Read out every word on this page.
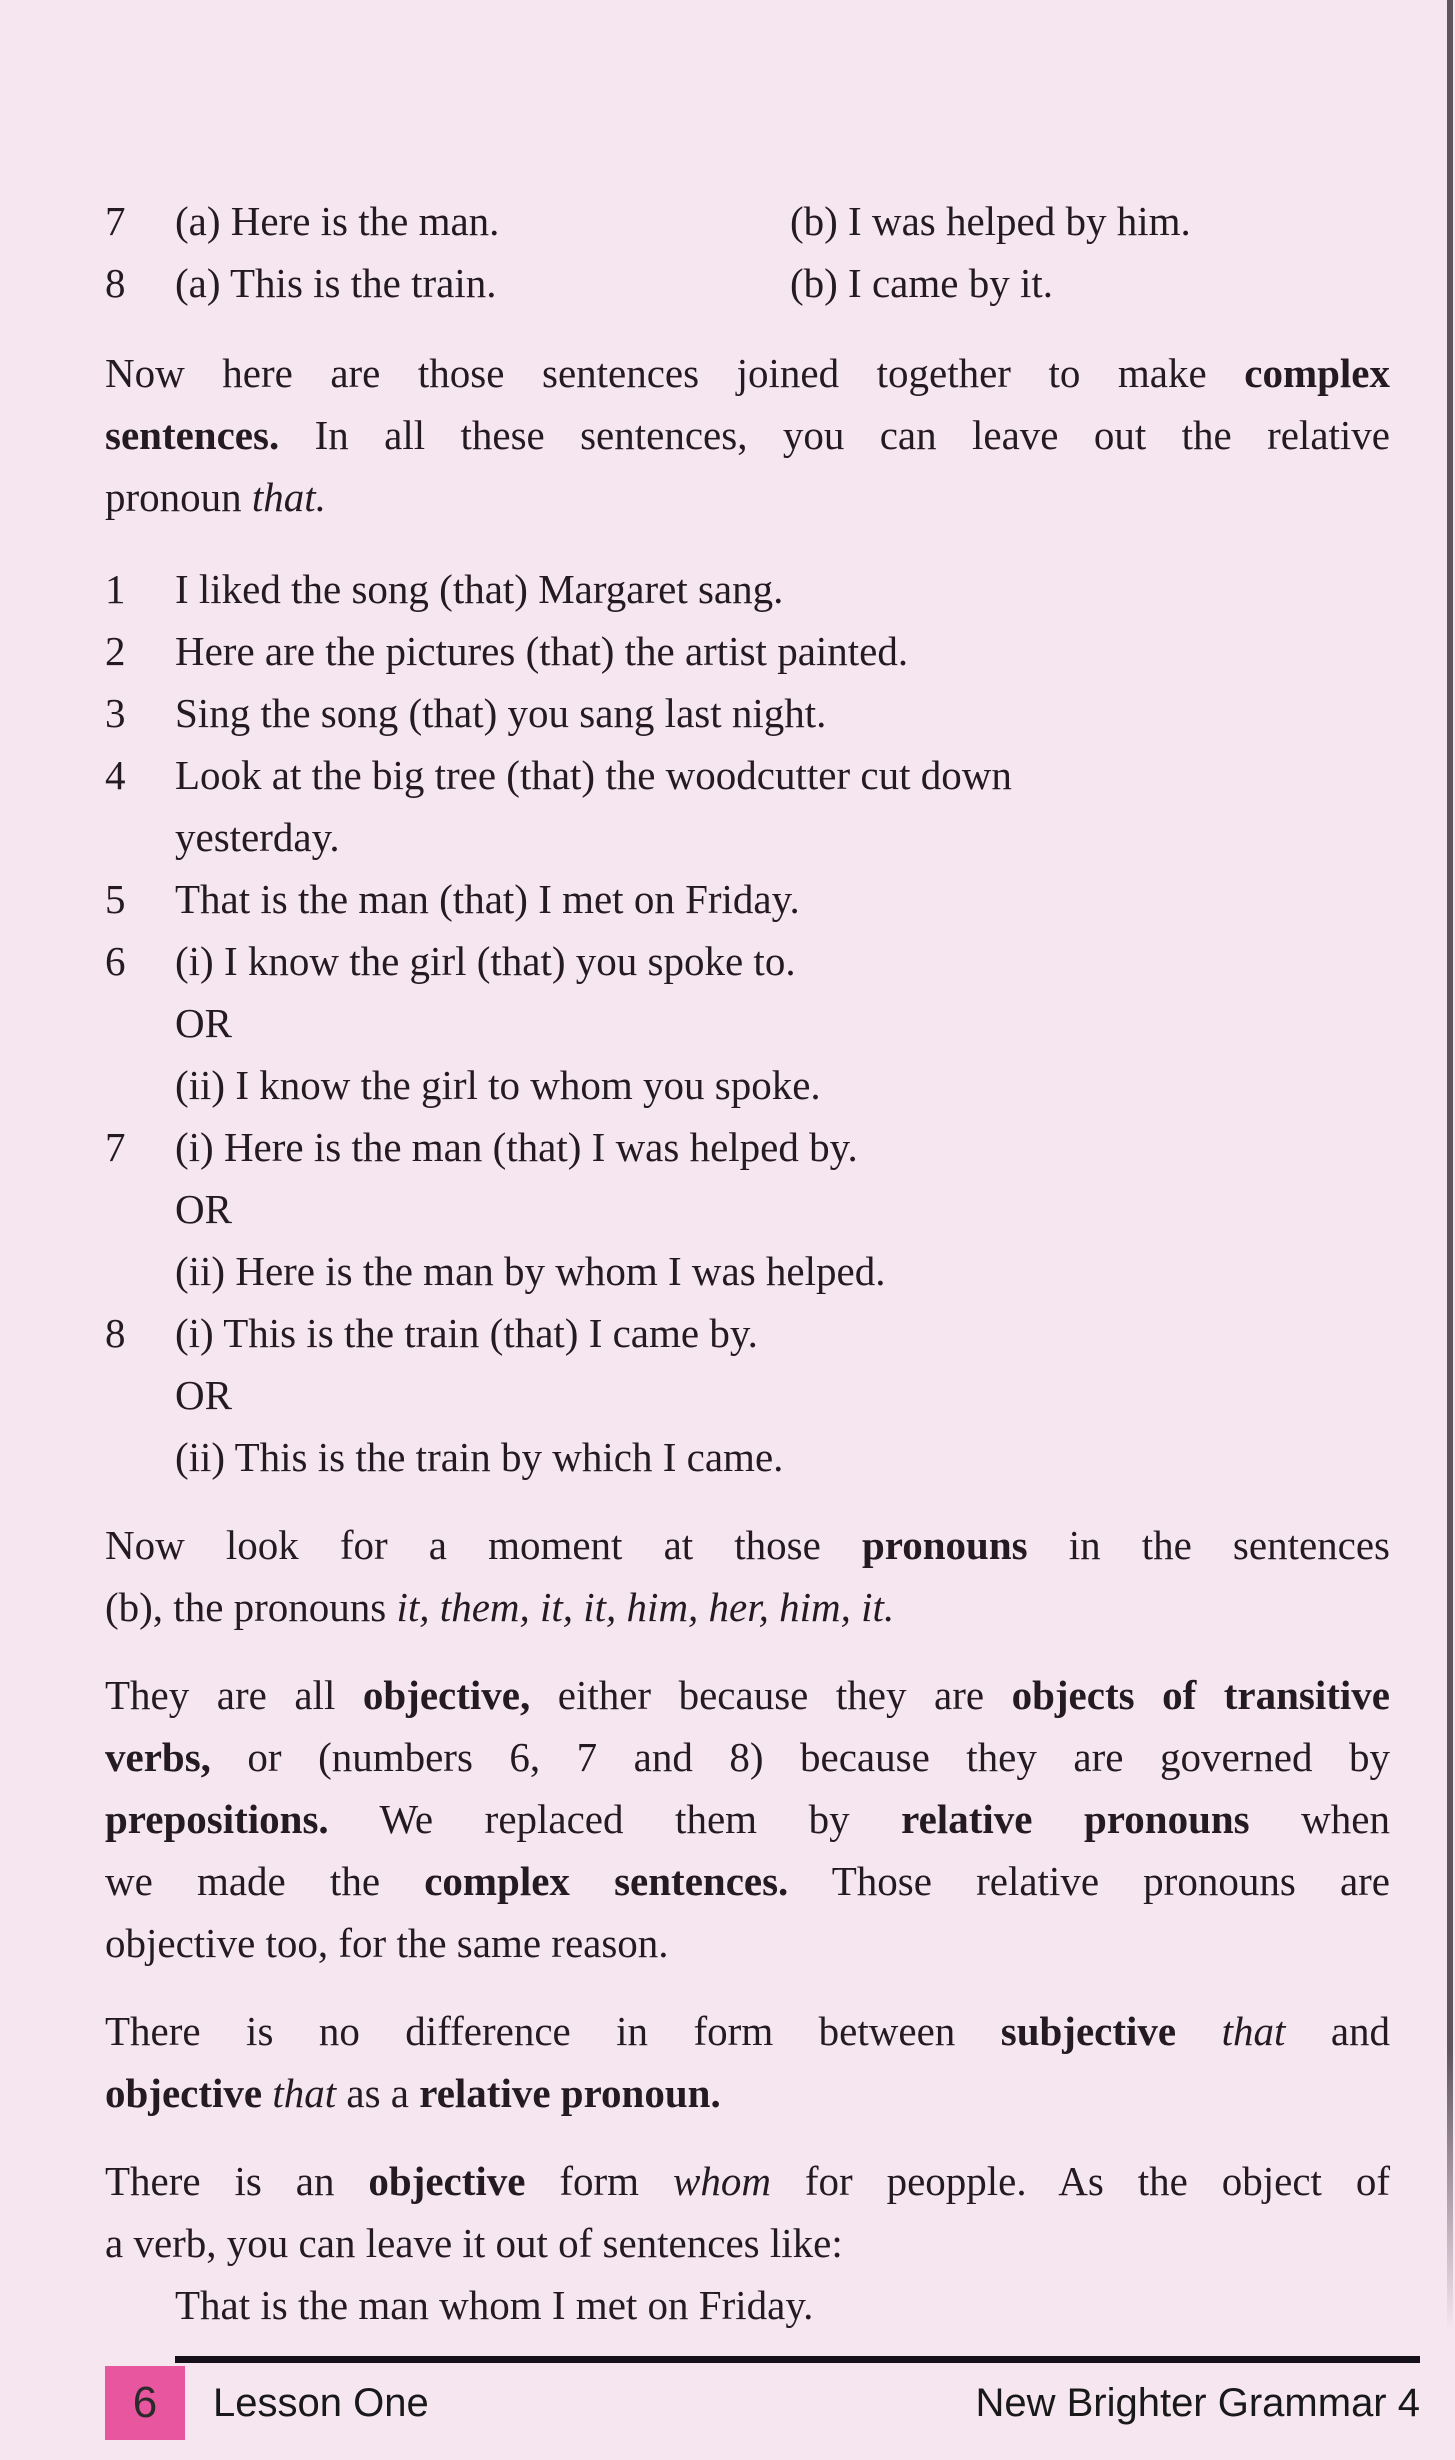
7	(a) Here is the man.	(b) I was helped by him.
8	(a) This is the train.	(b) I came by it.
Now here are those sentences joined together to make complex
sentences. In all these sentences, you can leave out the relative
pronoun that.
1	I liked the song (that) Margaret sang.
2	Here are the pictures (that) the artist painted.
3	Sing the song (that) you sang last night.
4	Look at the big tree (that) the woodcutter cut down
yesterday.
5	That is the man (that) I met on Friday.
6	(i) I know the girl (that) you spoke to.
OR
(ii) I know the girl to whom you spoke.
7	(i) Here is the man (that) I was helped by.
OR
(ii) Here is the man by whom I was helped.
8	(i) This is the train (that) I came by.
OR
(ii) This is the train by which I came.
Now look for a moment at those pronouns in the sentences
(b), the pronouns it, them, it, it, him, her, him, it.
They are all objective, either because they are objects of transitive
verbs, or (numbers 6, 7 and 8) because they are governed by
prepositions. We replaced them by relative pronouns when
we made the complex sentences. Those relative pronouns are
objective too, for the same reason.
There is no difference in form between subjective that and
objective that as a relative pronoun.
There is an objective form whom for peopple. As the object of
a verb, you can leave it out of sentences like:
That is the man whom I met on Friday.
6 Lesson One	New Brighter Grammar 4
